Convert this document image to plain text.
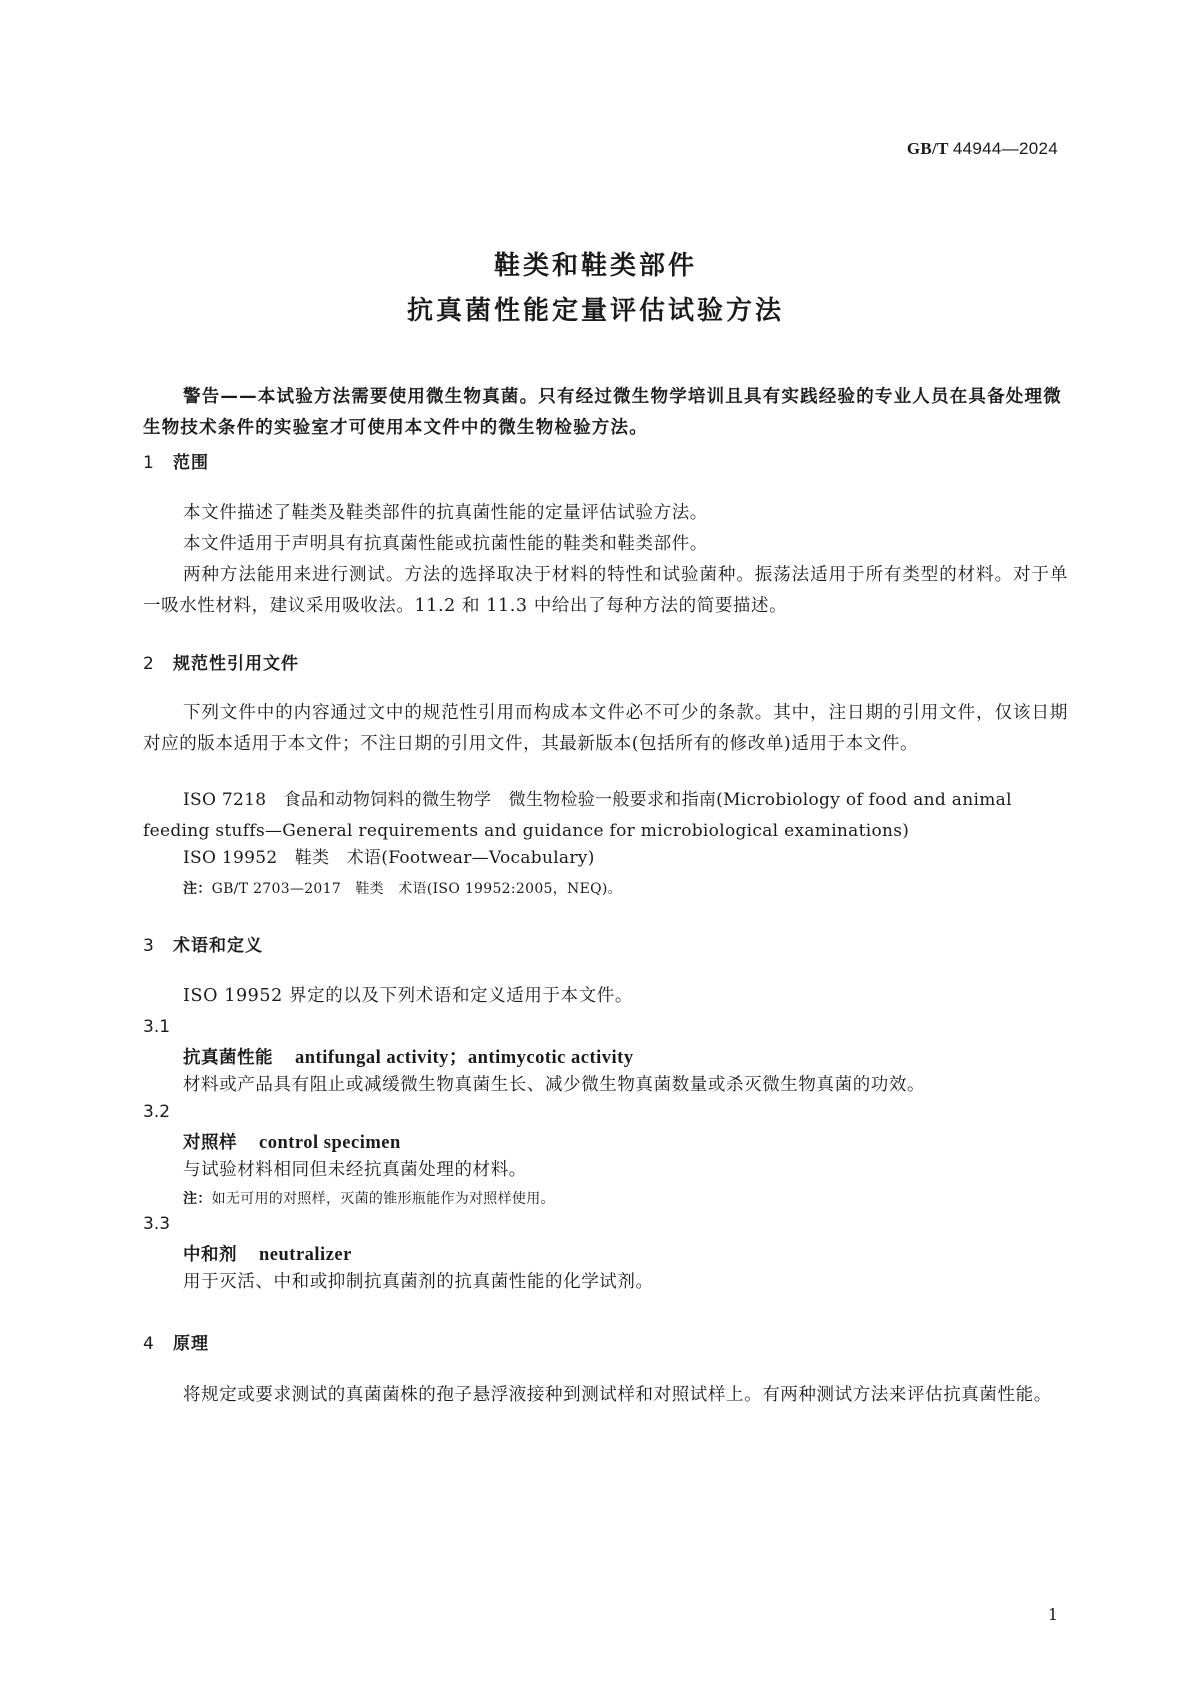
GB/T 44944—2024

鞋类和鞋类部件
抗真菌性能定量评估试验方法

警告——本试验方法需要使用微生物真菌。只有经过微生物学培训且具有实践经验的专业人员在具备处理微生物技术条件的实验室才可使用本文件中的微生物检验方法。

1 范围

本文件描述了鞋类及鞋类部件的抗真菌性能的定量评估试验方法。

本文件适用于声明具有抗真菌性能或抗菌性能的鞋类和鞋类部件。

两种方法能用来进行测试。方法的选择取决于材料的特性和试验菌种。振荡法适用于所有类型的材料。对于单一吸水性材料，建议采用吸收法。11.2 和 11.3 中给出了每种方法的简要描述。

2 规范性引用文件

下列文件中的内容通过文中的规范性引用而构成本文件必不可少的条款。其中，注日期的引用文件，仅该日期对应的版本适用于本文件；不注日期的引用文件，其最新版本(包括所有的修改单)适用于本文件。

ISO 7218　食品和动物饲料的微生物学　微生物检验一般要求和指南(Microbiology of food and animal feeding stuffs—General requirements and guidance for microbiological examinations)

ISO 19952　鞋类　术语(Footwear—Vocabulary)

注：GB/T 2703—2017　鞋类　术语(ISO 19952:2005，NEQ)。

3 术语和定义

ISO 19952 界定的以及下列术语和定义适用于本文件。

3.1

抗真菌性能 antifungal activity；antimycotic activity

材料或产品具有阻止或减缓微生物真菌生长、减少微生物真菌数量或杀灭微生物真菌的功效。

3.2

对照样 control specimen

与试验材料相同但未经抗真菌处理的材料。

注：如无可用的对照样，灭菌的锥形瓶能作为对照样使用。

3.3

中和剂 neutralizer

用于灭活、中和或抑制抗真菌剂的抗真菌性能的化学试剂。

4 原理

将规定或要求测试的真菌菌株的孢子悬浮液接种到测试样和对照试样上。有两种测试方法来评估抗真菌性能。

1
